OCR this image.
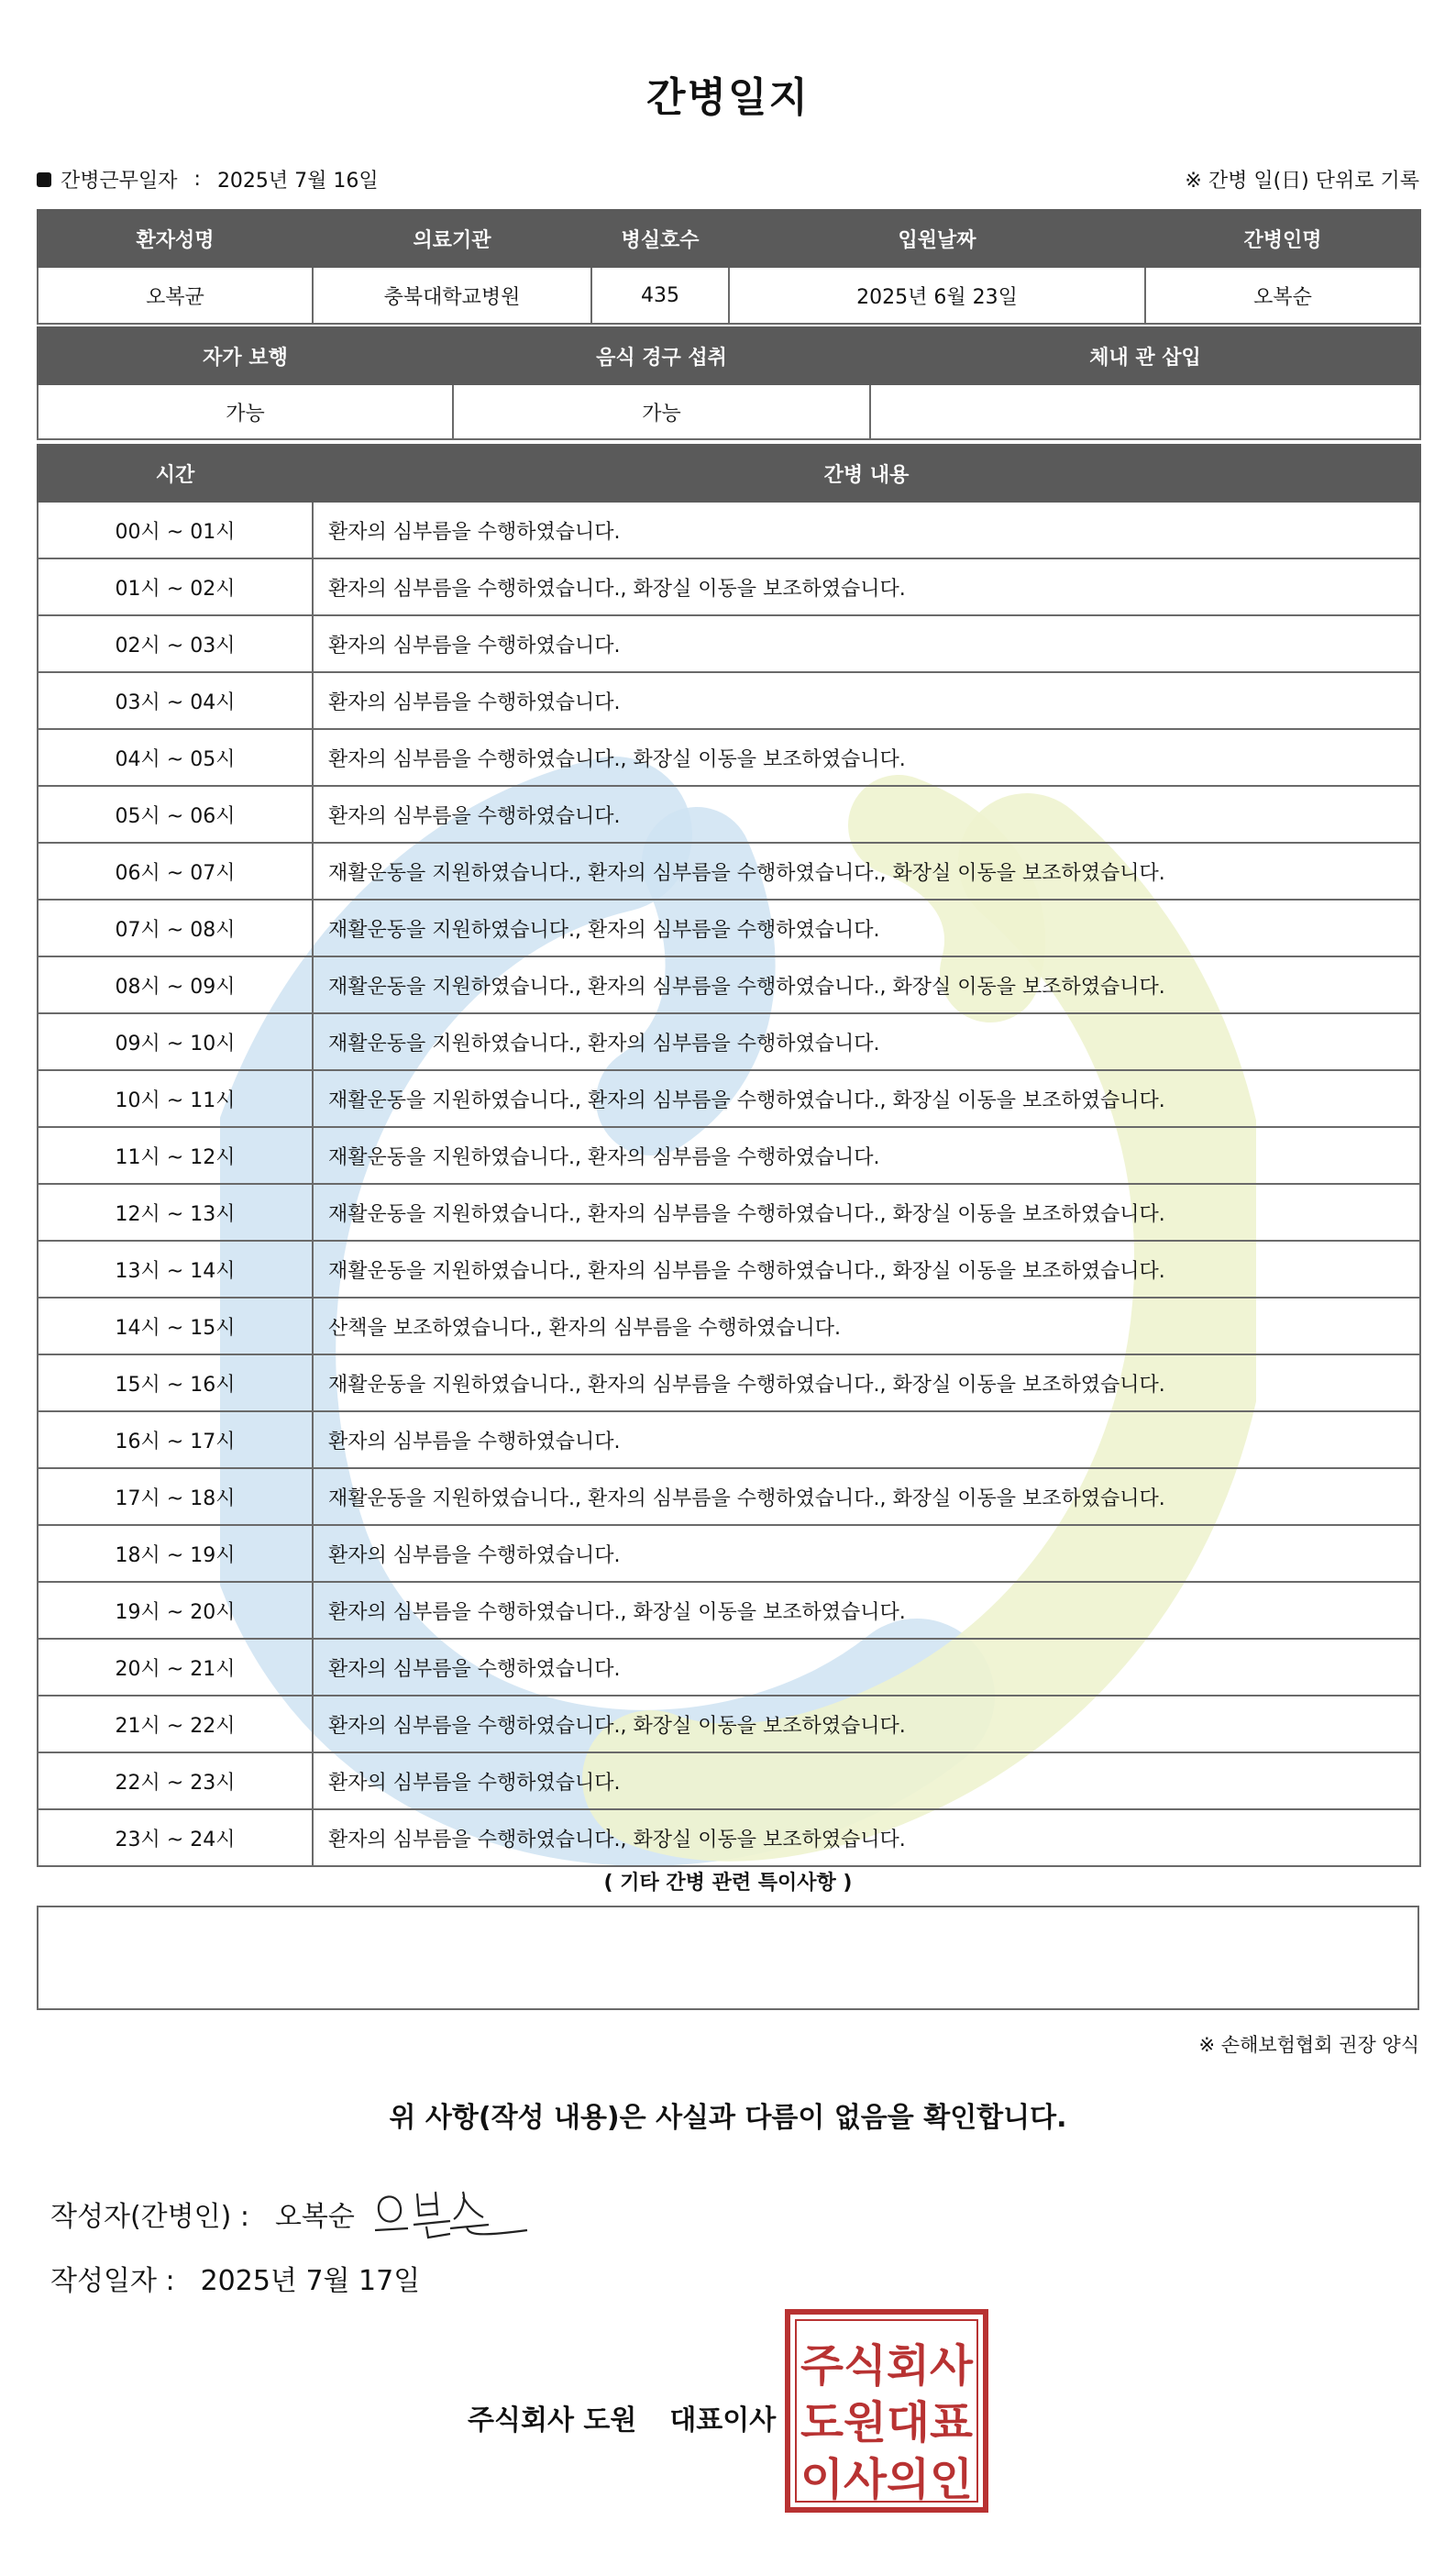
간병일지
간병근무일자 : 2025년 7월 16일	※ 간병 일(日) 단위로 기록
환자성명	의료기관	병실호수	입원날짜	간병인명
오복균	충북대학교병원	435	2025년 6월 23일	오복순
자가 보행	음식 경구 섭취	체내 관 삽입
가능	가능	
시간	간병 내용
00시 ~ 01시	환자의 심부름을 수행하였습니다.
01시 ~ 02시	환자의 심부름을 수행하였습니다., 화장실 이동을 보조하였습니다.
02시 ~ 03시	환자의 심부름을 수행하였습니다.
03시 ~ 04시	환자의 심부름을 수행하였습니다.
04시 ~ 05시	환자의 심부름을 수행하였습니다., 화장실 이동을 보조하였습니다.
05시 ~ 06시	환자의 심부름을 수행하였습니다.
06시 ~ 07시	재활운동을 지원하였습니다., 환자의 심부름을 수행하였습니다., 화장실 이동을 보조하였습니다.
07시 ~ 08시	재활운동을 지원하였습니다., 환자의 심부름을 수행하였습니다.
08시 ~ 09시	재활운동을 지원하였습니다., 환자의 심부름을 수행하였습니다., 화장실 이동을 보조하였습니다.
09시 ~ 10시	재활운동을 지원하였습니다., 환자의 심부름을 수행하였습니다.
10시 ~ 11시	재활운동을 지원하였습니다., 환자의 심부름을 수행하였습니다., 화장실 이동을 보조하였습니다.
11시 ~ 12시	재활운동을 지원하였습니다., 환자의 심부름을 수행하였습니다.
12시 ~ 13시	재활운동을 지원하였습니다., 환자의 심부름을 수행하였습니다., 화장실 이동을 보조하였습니다.
13시 ~ 14시	재활운동을 지원하였습니다., 환자의 심부름을 수행하였습니다., 화장실 이동을 보조하였습니다.
14시 ~ 15시	산책을 보조하였습니다., 환자의 심부름을 수행하였습니다.
15시 ~ 16시	재활운동을 지원하였습니다., 환자의 심부름을 수행하였습니다., 화장실 이동을 보조하였습니다.
16시 ~ 17시	환자의 심부름을 수행하였습니다.
17시 ~ 18시	재활운동을 지원하였습니다., 환자의 심부름을 수행하였습니다., 화장실 이동을 보조하였습니다.
18시 ~ 19시	환자의 심부름을 수행하였습니다.
19시 ~ 20시	환자의 심부름을 수행하였습니다., 화장실 이동을 보조하였습니다.
20시 ~ 21시	환자의 심부름을 수행하였습니다.
21시 ~ 22시	환자의 심부름을 수행하였습니다., 화장실 이동을 보조하였습니다.
22시 ~ 23시	환자의 심부름을 수행하였습니다.
23시 ~ 24시	환자의 심부름을 수행하였습니다., 화장실 이동을 보조하였습니다.
( 기타 간병 관련 특이사항 )
※ 손해보험협회 권장 양식
위 사항(작성 내용)은 사실과 다름이 없음을 확인합니다.
작성자(간병인) : 오복순
작성일자 : 2025년 7월 17일
주식회사 도원 대표이사
주식회사
도원대표
이사의인
